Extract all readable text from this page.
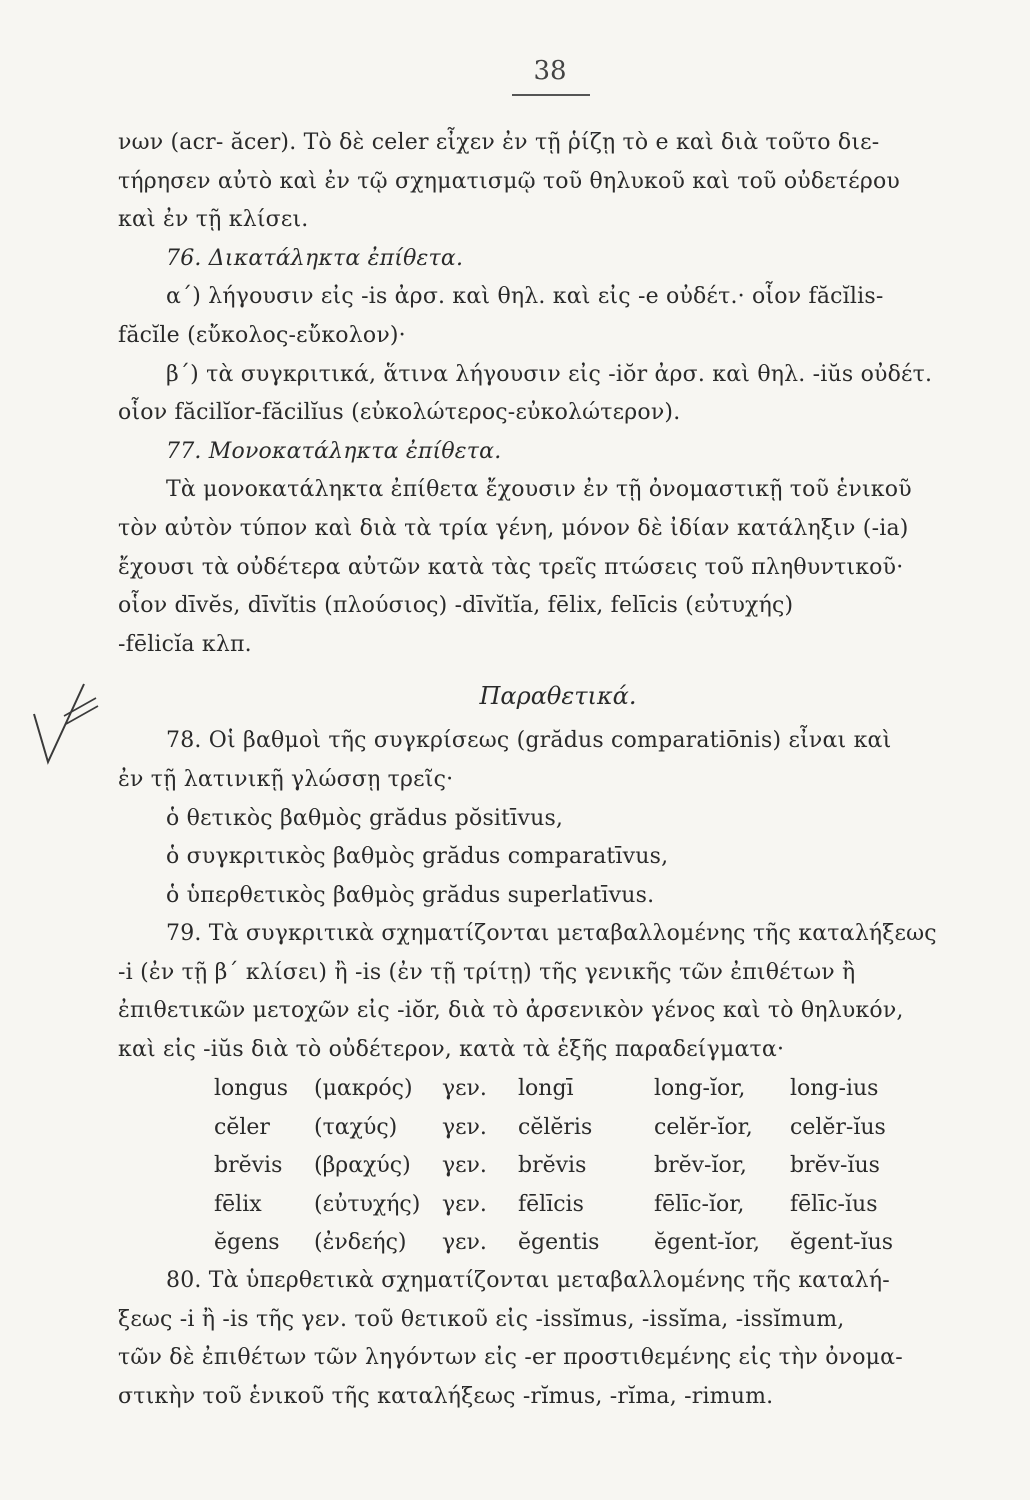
38
νων (acr- ăcer). Τὸ δὲ celer εἶχεν ἐν τῇ ῥίζῃ τὸ e καὶ διὰ τοῦτο διε-
τήρησεν αὐτὸ καὶ ἐν τῷ σχηματισμῷ τοῦ θηλυκοῦ καὶ τοῦ οὐδετέρου
καὶ ἐν τῇ κλίσει.
76. Δικατάληκτα ἐπίθετα.
α΄) λήγουσιν εἰς -is ἀρσ. καὶ θηλ. καὶ εἰς -e οὐδέτ.· οἷον făcĭlis-
făcĭle (εὔκολος-εὔκολον)·
β΄) τὰ συγκριτικά, ἅτινα λήγουσιν εἰς -iŏr ἀρσ. καὶ θηλ. -iŭs οὐδέτ.
οἷον făcilĭor-făcilĭus (εὐκολώτερος-εὐκολώτερον).
77. Μονοκατάληκτα ἐπίθετα.
Τὰ μονοκατάληκτα ἐπίθετα ἔχουσιν ἐν τῇ ὀνομαστικῇ τοῦ ἑνικοῦ
τὸν αὐτὸν τύπον καὶ διὰ τὰ τρία γένη, μόνον δὲ ἰδίαν κατάληξιν (-ia)
ἔχουσι τὰ οὐδέτερα αὐτῶν κατὰ τὰς τρεῖς πτώσεις τοῦ πληθυντικοῦ·
οἷον dīvĕs, dīvĭtis (πλούσιος) -dīvĭtĭa, fēlix, felīcis (εὐτυχής)
-fēlicĭa κλπ.
Παραθετικά.
78. Οἱ βαθμοὶ τῆς συγκρίσεως (grădus comparatiōnis) εἶναι καὶ
ἐν τῇ λατινικῇ γλώσσῃ τρεῖς·
ὁ θετικὸς βαθμὸς grădus pŏsitīvus,
ὁ συγκριτικὸς βαθμὸς grădus comparatīvus,
ὁ ὑπερθετικὸς βαθμὸς grădus superlatīvus.
79. Τὰ συγκριτικὰ σχηματίζονται μεταβαλλομένης τῆς καταλήξεως
-i (ἐν τῇ β΄ κλίσει) ἢ -is (ἐν τῇ τρίτῃ) τῆς γενικῆς τῶν ἐπιθέτων ἢ
ἐπιθετικῶν μετοχῶν εἰς -iŏr, διὰ τὸ ἀρσενικὸν γένος καὶ τὸ θηλυκόν,
καὶ εἰς -iŭs διὰ τὸ οὐδέτερον, κατὰ τὰ ἑξῆς παραδείγματα·
longus (μακρός) γεν. longī	long-ĭor, long-ius
cĕler (ταχύς) γεν. cĕlĕris	celĕr-ĭor, celĕr-ĭus
brĕvis (βραχύς) γεν. brĕvis	brĕv-ĭor, brĕv-ĭus
fēlix (εὐτυχής) γεν. fēlīcis	fēlīc-ĭor, fēlīc-ĭus
ĕgens (ἐνδεής) γεν. ĕgentis ĕgent-ĭor, ĕgent-ĭus
80. Τὰ ὑπερθετικὰ σχηματίζονται μεταβαλλομένης τῆς καταλή-
ξεως -i ἢ -is τῆς γεν. τοῦ θετικοῦ εἰς -issĭmus, -issĭma, -issĭmum,
τῶν δὲ ἐπιθέτων τῶν ληγόντων εἰς -er προστιθεμένης εἰς τὴν ὀνομα-
στικὴν τοῦ ἑνικοῦ τῆς καταλήξεως -rĭmus, -rĭma, -rimum.
